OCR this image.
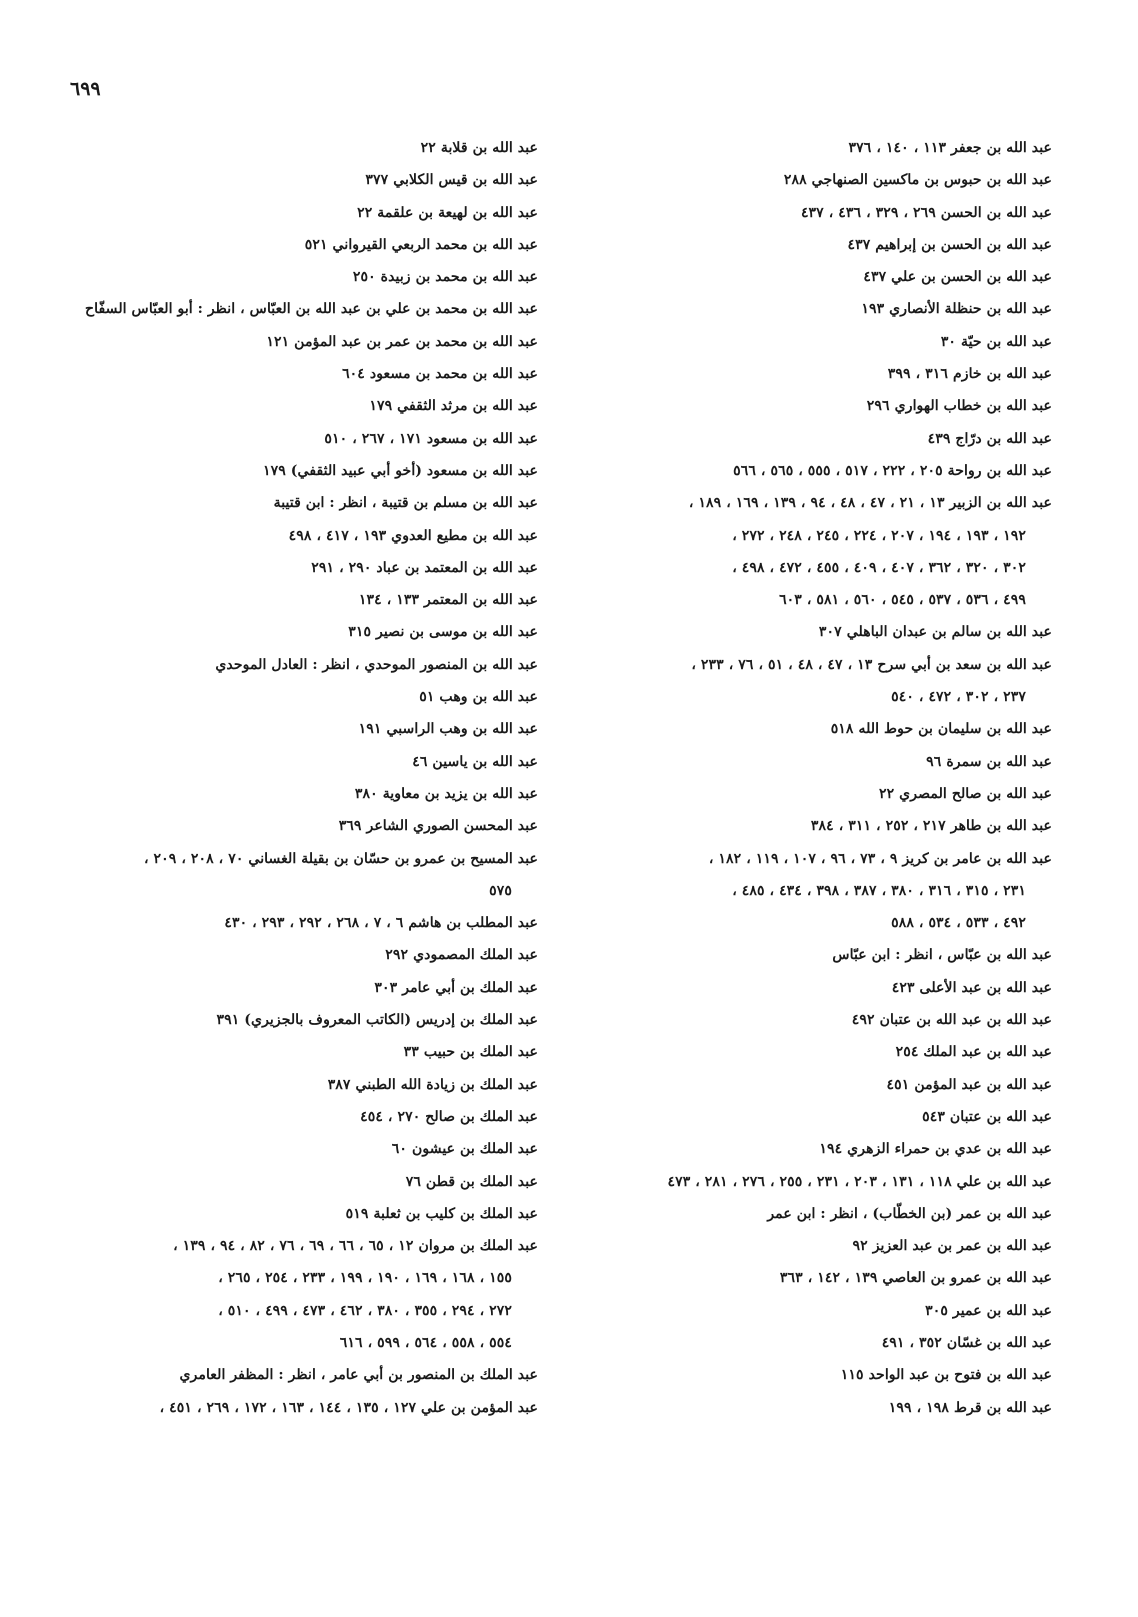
٦٩٩
عبد الله بن جعفر ١١٣ ، ١٤٠ ، ٣٧٦
عبد الله بن حبوس بن ماكسين الصنهاجي ٢٨٨
عبد الله بن الحسن ٢٦٩ ، ٣٢٩ ، ٤٣٦ ، ٤٣٧
عبد الله بن الحسن بن إبراهيم ٤٣٧
عبد الله بن الحسن بن علي ٤٣٧
عبد الله بن حنظلة الأنصاري ١٩٣
عبد الله بن حيّة ٣٠
عبد الله بن خازم ٣١٦ ، ٣٩٩
عبد الله بن خطاب الهواري ٢٩٦
عبد الله بن درّاج ٤٣٩
عبد الله بن رواحة ٢٠٥ ، ٢٢٢ ، ٥١٧ ، ٥٥٥ ، ٥٦٥ ، ٥٦٦
عبد الله بن الزبير ١٣ ، ٢١ ، ٤٧ ، ٤٨ ، ٩٤ ، ١٣٩ ، ١٦٩ ، ١٨٩ ،
١٩٢ ، ١٩٣ ، ١٩٤ ، ٢٠٧ ، ٢٢٤ ، ٢٤٥ ، ٢٤٨ ، ٢٧٢ ،
٣٠٢ ، ٣٢٠ ، ٣٦٢ ، ٤٠٧ ، ٤٠٩ ، ٤٥٥ ، ٤٧٢ ، ٤٩٨ ،
٤٩٩ ، ٥٣٦ ، ٥٣٧ ، ٥٤٥ ، ٥٦٠ ، ٥٨١ ، ٦٠٣
عبد الله بن سالم بن عبدان الباهلي ٣٠٧
عبد الله بن سعد بن أبي سرح ١٣ ، ٤٧ ، ٤٨ ، ٥١ ، ٧٦ ، ٢٣٣ ،
٢٣٧ ، ٣٠٢ ، ٤٧٢ ، ٥٤٠
عبد الله بن سليمان بن حوط الله ٥١٨
عبد الله بن سمرة ٩٦
عبد الله بن صالح المصري ٢٢
عبد الله بن طاهر ٢١٧ ، ٢٥٢ ، ٣١١ ، ٣٨٤
عبد الله بن عامر بن كريز ٩ ، ٧٣ ، ٩٦ ، ١٠٧ ، ١١٩ ، ١٨٢ ،
٢٣١ ، ٣١٥ ، ٣١٦ ، ٣٨٠ ، ٣٨٧ ، ٣٩٨ ، ٤٣٤ ، ٤٨٥ ،
٤٩٢ ، ٥٣٣ ، ٥٣٤ ، ٥٨٨
عبد الله بن عبّاس ، انظر : ابن عبّاس
عبد الله بن عبد الأعلى ٤٢٣
عبد الله بن عبد الله بن عتبان ٤٩٢
عبد الله بن عبد الملك ٢٥٤
عبد الله بن عبد المؤمن ٤٥١
عبد الله بن عتبان ٥٤٣
عبد الله بن عدي بن حمراء الزهري ١٩٤
عبد الله بن علي ١١٨ ، ١٣١ ، ٢٠٣ ، ٢٣١ ، ٢٥٥ ، ٢٧٦ ، ٢٨١ ، ٤٧٣
عبد الله بن عمر (بن الخطّاب) ، انظر : ابن عمر
عبد الله بن عمر بن عبد العزيز ٩٢
عبد الله بن عمرو بن العاصي ١٣٩ ، ١٤٢ ، ٣٦٣
عبد الله بن عمير ٣٠٥
عبد الله بن غسّان ٣٥٢ ، ٤٩١
عبد الله بن فتوح بن عبد الواحد ١١٥
عبد الله بن قرط ١٩٨ ، ١٩٩
عبد الله بن قلابة ٢٢
عبد الله بن قيس الكلابي ٣٧٧
عبد الله بن لهيعة بن علقمة ٢٢
عبد الله بن محمد الربعي القيرواني ٥٢١
عبد الله بن محمد بن زبيدة ٢٥٠
عبد الله بن محمد بن علي بن عبد الله بن العبّاس ، انظر : أبو العبّاس السفّاح
عبد الله بن محمد بن عمر بن عبد المؤمن ١٢١
عبد الله بن محمد بن مسعود ٦٠٤
عبد الله بن مرثد الثقفي ١٧٩
عبد الله بن مسعود ١٧١ ، ٢٦٧ ، ٥١٠
عبد الله بن مسعود (أخو أبي عبيد الثقفي) ١٧٩
عبد الله بن مسلم بن قتيبة ، انظر : ابن قتيبة
عبد الله بن مطيع العدوي ١٩٣ ، ٤١٧ ، ٤٩٨
عبد الله بن المعتمد بن عباد ٢٩٠ ، ٢٩١
عبد الله بن المعتمر ١٣٣ ، ١٣٤
عبد الله بن موسى بن نصير ٣١٥
عبد الله بن المنصور الموحدي ، انظر : العادل الموحدي
عبد الله بن وهب ٥١
عبد الله بن وهب الراسبي ١٩١
عبد الله بن ياسين ٤٦
عبد الله بن يزيد بن معاوية ٣٨٠
عبد المحسن الصوري الشاعر ٣٦٩
عبد المسيح بن عمرو بن حسّان بن بقيلة الغساني ٧٠ ، ٢٠٨ ، ٢٠٩ ،
٥٧٥
عبد المطلب بن هاشم ٦ ، ٧ ، ٢٦٨ ، ٢٩٢ ، ٢٩٣ ، ٤٣٠
عبد الملك المصمودي ٢٩٢
عبد الملك بن أبي عامر ٣٠٣
عبد الملك بن إدريس (الكاتب المعروف بالجزيري) ٣٩١
عبد الملك بن حبيب ٣٣
عبد الملك بن زيادة الله الطبني ٣٨٧
عبد الملك بن صالح ٢٧٠ ، ٤٥٤
عبد الملك بن عيشون ٦٠
عبد الملك بن قطن ٧٦
عبد الملك بن كليب بن ثعلبة ٥١٩
عبد الملك بن مروان ١٢ ، ٦٥ ، ٦٦ ، ٦٩ ، ٧٦ ، ٨٢ ، ٩٤ ، ١٣٩ ،
١٥٥ ، ١٦٨ ، ١٦٩ ، ١٩٠ ، ١٩٩ ، ٢٣٣ ، ٢٥٤ ، ٢٦٥ ،
٢٧٢ ، ٢٩٤ ، ٣٥٥ ، ٣٨٠ ، ٤٦٢ ، ٤٧٣ ، ٤٩٩ ، ٥١٠ ،
٥٥٤ ، ٥٥٨ ، ٥٦٤ ، ٥٩٩ ، ٦١٦
عبد الملك بن المنصور بن أبي عامر ، انظر : المظفر العامري
عبد المؤمن بن علي ١٢٧ ، ١٣٥ ، ١٤٤ ، ١٦٣ ، ١٧٢ ، ٢٦٩ ، ٤٥١ ،
